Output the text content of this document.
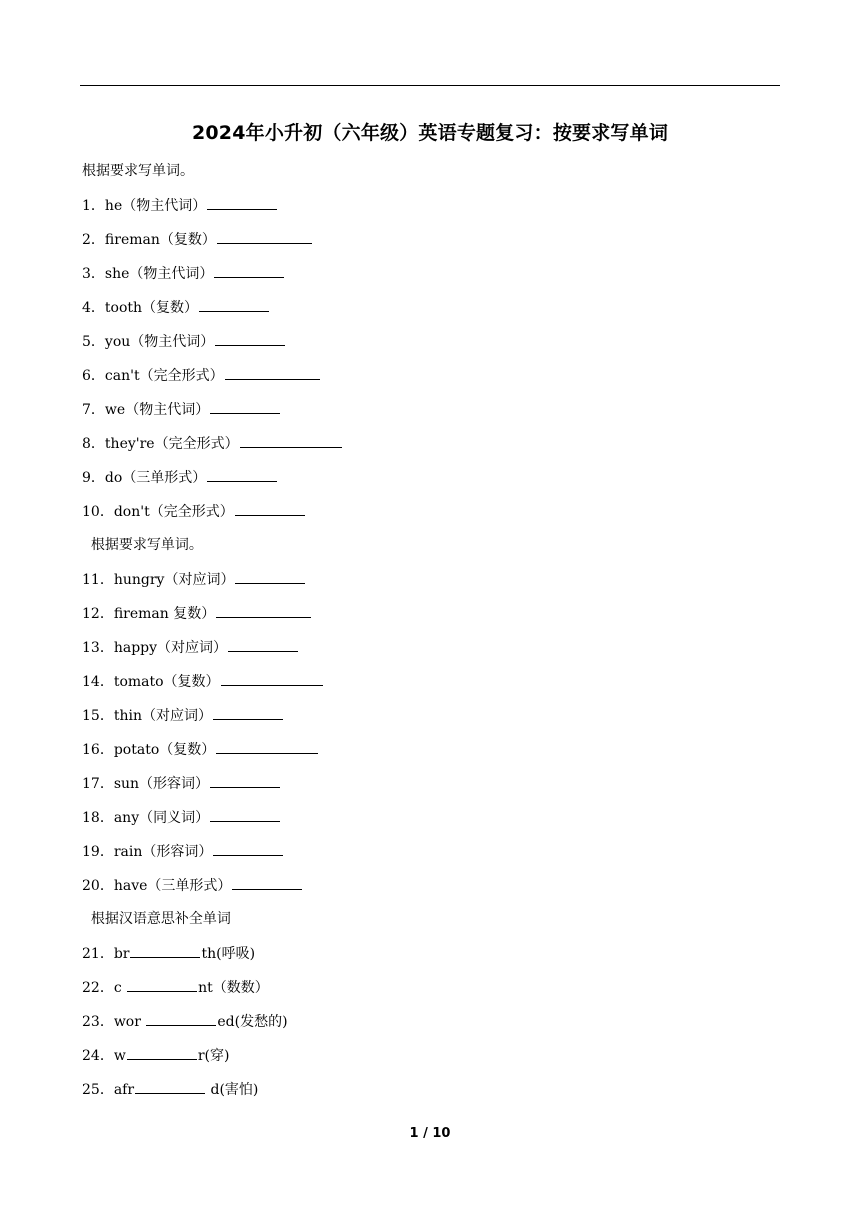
2024年小升初（六年级）英语专题复习：按要求写单词
根据要求写单词。
1．he（物主代词）
2．fireman（复数）
3．she（物主代词）
4．tooth（复数）
5．you（物主代词）
6．can't（完全形式）
7．we（物主代词）
8．they're（完全形式）
9．do（三单形式）
10．don't（完全形式）
根据要求写单词。
11．hungry（对应词）
12．fireman 复数）
13．happy（对应词）
14．tomato（复数）
15．thin（对应词）
16．potato（复数）
17．sun（形容词）
18．any（同义词）
19．rain（形容词）
20．have（三单形式）
根据汉语意思补全单词
21．br	th(呼吸)
22．c	nt（数数）
23．wor	ed(发愁的)
24．w	r(穿)
25．afr	d(害怕)
1 / 10
